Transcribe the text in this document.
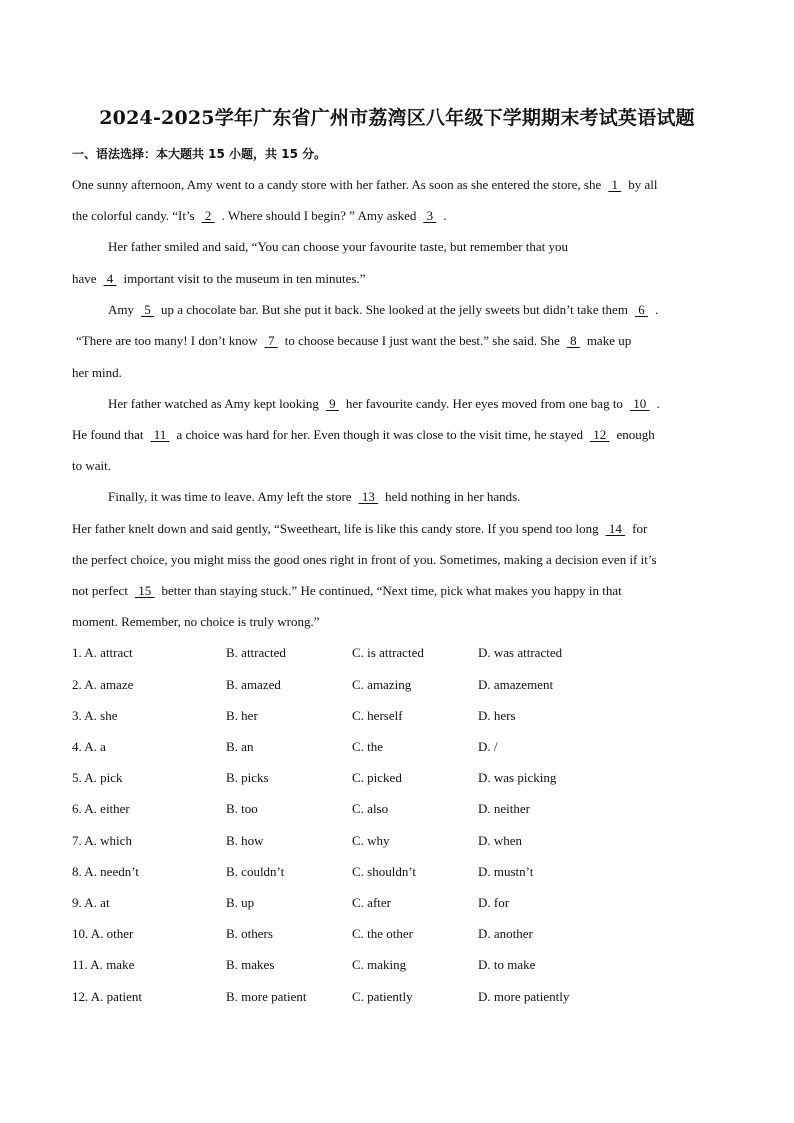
2024-2025学年广东省广州市荔湾区八年级下学期期末考试英语试题
一、语法选择：本大题共 15 小题，共 15 分。
One sunny afternoon, Amy went to a candy store with her father. As soon as she entered the store, she 1 by all
the colorful candy. “It’s 2 . Where should I begin? ” Amy asked 3 .
Her father smiled and said, “You can choose your favourite taste, but remember that you
have 4 important visit to the museum in ten minutes.”
Amy 5 up a chocolate bar. But she put it back. She looked at the jelly sweets but didn’t take them 6 .
“There are too many! I don’t know 7 to choose because I just want the best.” she said. She 8 make up
her mind.
Her father watched as Amy kept looking 9 her favourite candy. Her eyes moved from one bag to 10 .
He found that 11 a choice was hard for her. Even though it was close to the visit time, he stayed 12 enough
to wait.
Finally, it was time to leave. Amy left the store 13 held nothing in her hands.
Her father knelt down and said gently, “Sweetheart, life is like this candy store. If you spend too long 14 for
the perfect choice, you might miss the good ones right in front of you. Sometimes, making a decision even if it’s
not perfect 15 better than staying stuck.” He continued, “Next time, pick what makes you happy in that
moment. Remember, no choice is truly wrong.”
1. A. attract	B. attracted	C. is attracted	D. was attracted
2. A. amaze	B. amazed	C. amazing	D. amazement
3. A. she	B. her	C. herself	D. hers
4. A. a	B. an	C. the	D. /
5. A. pick	B. picks	C. picked	D. was picking
6. A. either	B. too	C. also	D. neither
7. A. which	B. how	C. why	D. when
8. A. needn’t	B. couldn’t	C. shouldn’t	D. mustn’t
9. A. at	B. up	C. after	D. for
10. A. other	B. others	C. the other	D. another
11. A. make	B. makes	C. making	D. to make
12. A. patient	B. more patient	C. patiently	D. more patiently
